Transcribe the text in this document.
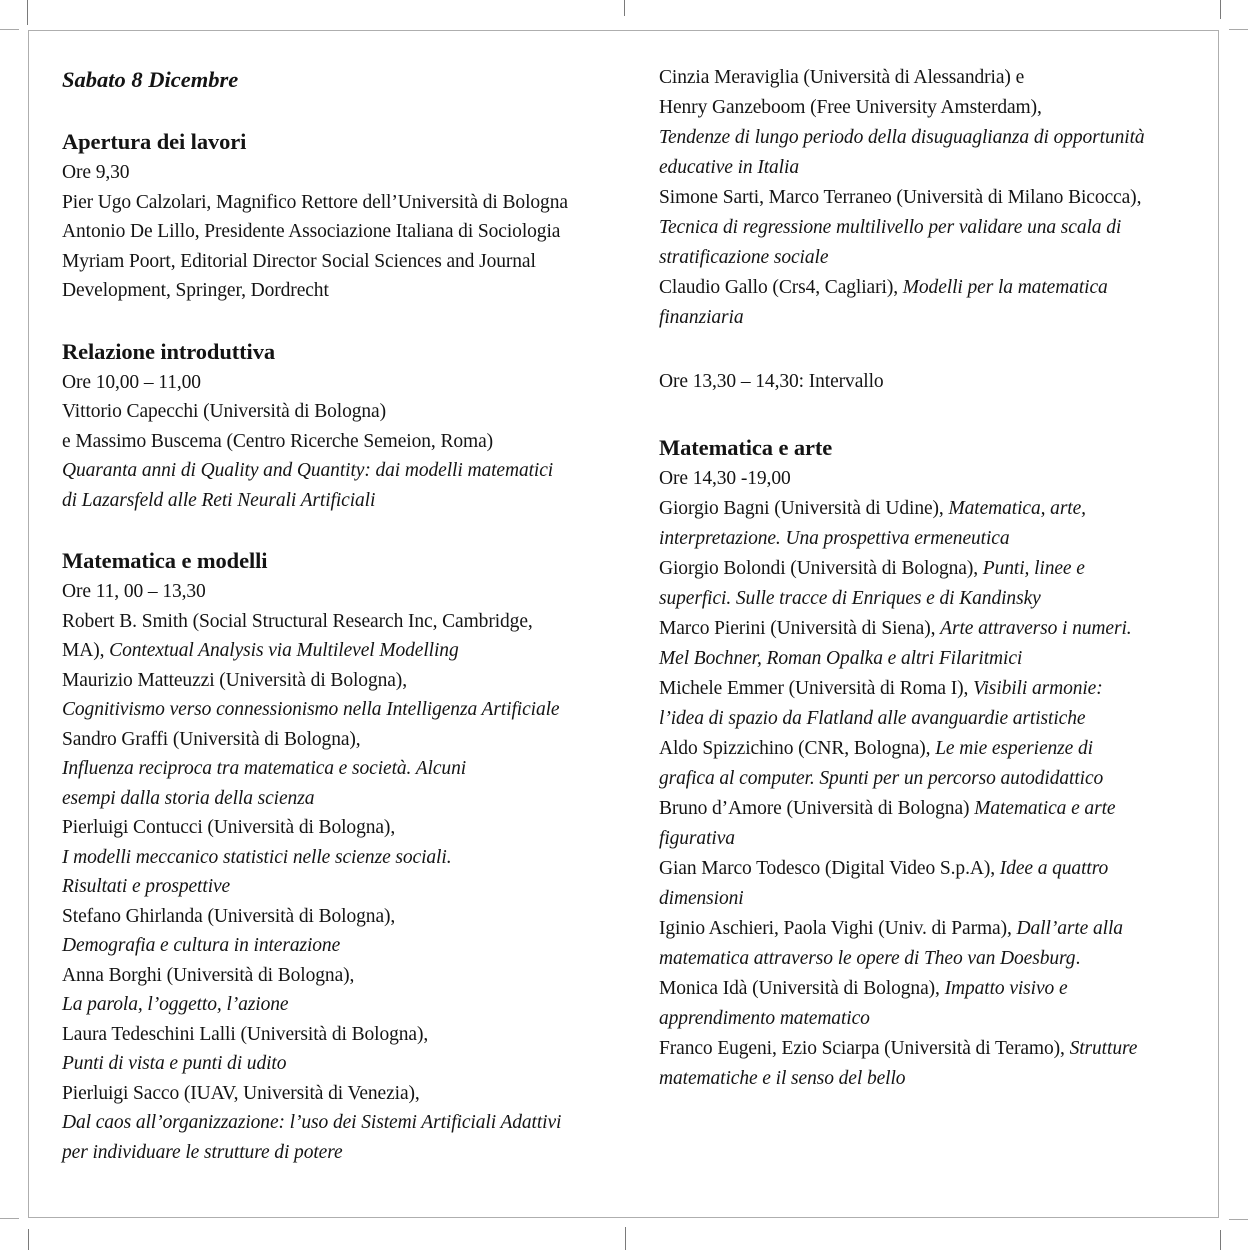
Sabato 8 Dicembre
Apertura dei lavori
Ore 9,30
Pier Ugo Calzolari, Magnifico Rettore dell’Università di Bologna
Antonio De Lillo, Presidente Associazione Italiana di Sociologia
Myriam Poort, Editorial Director Social Sciences and Journal
Development, Springer, Dordrecht
Relazione introduttiva
Ore 10,00 – 11,00
Vittorio Capecchi (Università di Bologna)
e Massimo Buscema (Centro Ricerche Semeion, Roma)
Quaranta anni di Quality and Quantity: dai modelli matematici
di Lazarsfeld alle Reti Neurali Artificiali
Matematica e modelli
Ore 11, 00 – 13,30
Robert B. Smith (Social Structural Research Inc, Cambridge,
MA), Contextual Analysis via Multilevel Modelling
Maurizio Matteuzzi (Università di Bologna),
Cognitivismo verso connessionismo nella Intelligenza Artificiale
Sandro Graffi (Università di Bologna),
Influenza reciproca tra matematica e società. Alcuni
esempi dalla storia della scienza
Pierluigi Contucci (Università di Bologna),
I modelli meccanico statistici nelle scienze sociali.
Risultati e prospettive
Stefano Ghirlanda (Università di Bologna),
Demografia e cultura in interazione
Anna Borghi (Università di Bologna),
La parola, l’oggetto, l’azione
Laura Tedeschini Lalli (Università di Bologna),
Punti di vista e punti di udito
Pierluigi Sacco (IUAV, Università di Venezia),
Dal caos all’organizzazione: l’uso dei Sistemi Artificiali Adattivi
per individuare le strutture di potere
Cinzia Meraviglia (Università di Alessandria) e
Henry Ganzeboom (Free University Amsterdam),
Tendenze di lungo periodo della disuguaglianza di opportunità
educative in Italia
Simone Sarti, Marco Terraneo (Università di Milano Bicocca),
Tecnica di regressione multilivello per validare una scala di
stratificazione sociale
Claudio Gallo (Crs4, Cagliari), Modelli per la matematica
finanziaria
Ore 13,30 – 14,30: Intervallo
Matematica e arte
Ore 14,30 -19,00
Giorgio Bagni (Università di Udine), Matematica, arte,
interpretazione. Una prospettiva ermeneutica
Giorgio Bolondi (Università di Bologna), Punti, linee e
superfici. Sulle tracce di Enriques e di Kandinsky
Marco Pierini (Università di Siena), Arte attraverso i numeri.
Mel Bochner, Roman Opalka e altri Filaritmici
Michele Emmer (Università di Roma I), Visibili armonie:
l’idea di spazio da Flatland alle avanguardie artistiche
Aldo Spizzichino (CNR, Bologna), Le mie esperienze di
grafica al computer. Spunti per un percorso autodidattico
Bruno d’Amore (Università di Bologna) Matematica e arte
figurativa
Gian Marco Todesco (Digital Video S.p.A), Idee a quattro
dimensioni
Iginio Aschieri, Paola Vighi (Univ. di Parma), Dall’arte alla
matematica attraverso le opere di Theo van Doesburg.
Monica Idà (Università di Bologna), Impatto visivo e
apprendimento matematico
Franco Eugeni, Ezio Sciarpa (Università di Teramo), Strutture
matematiche e il senso del bello
